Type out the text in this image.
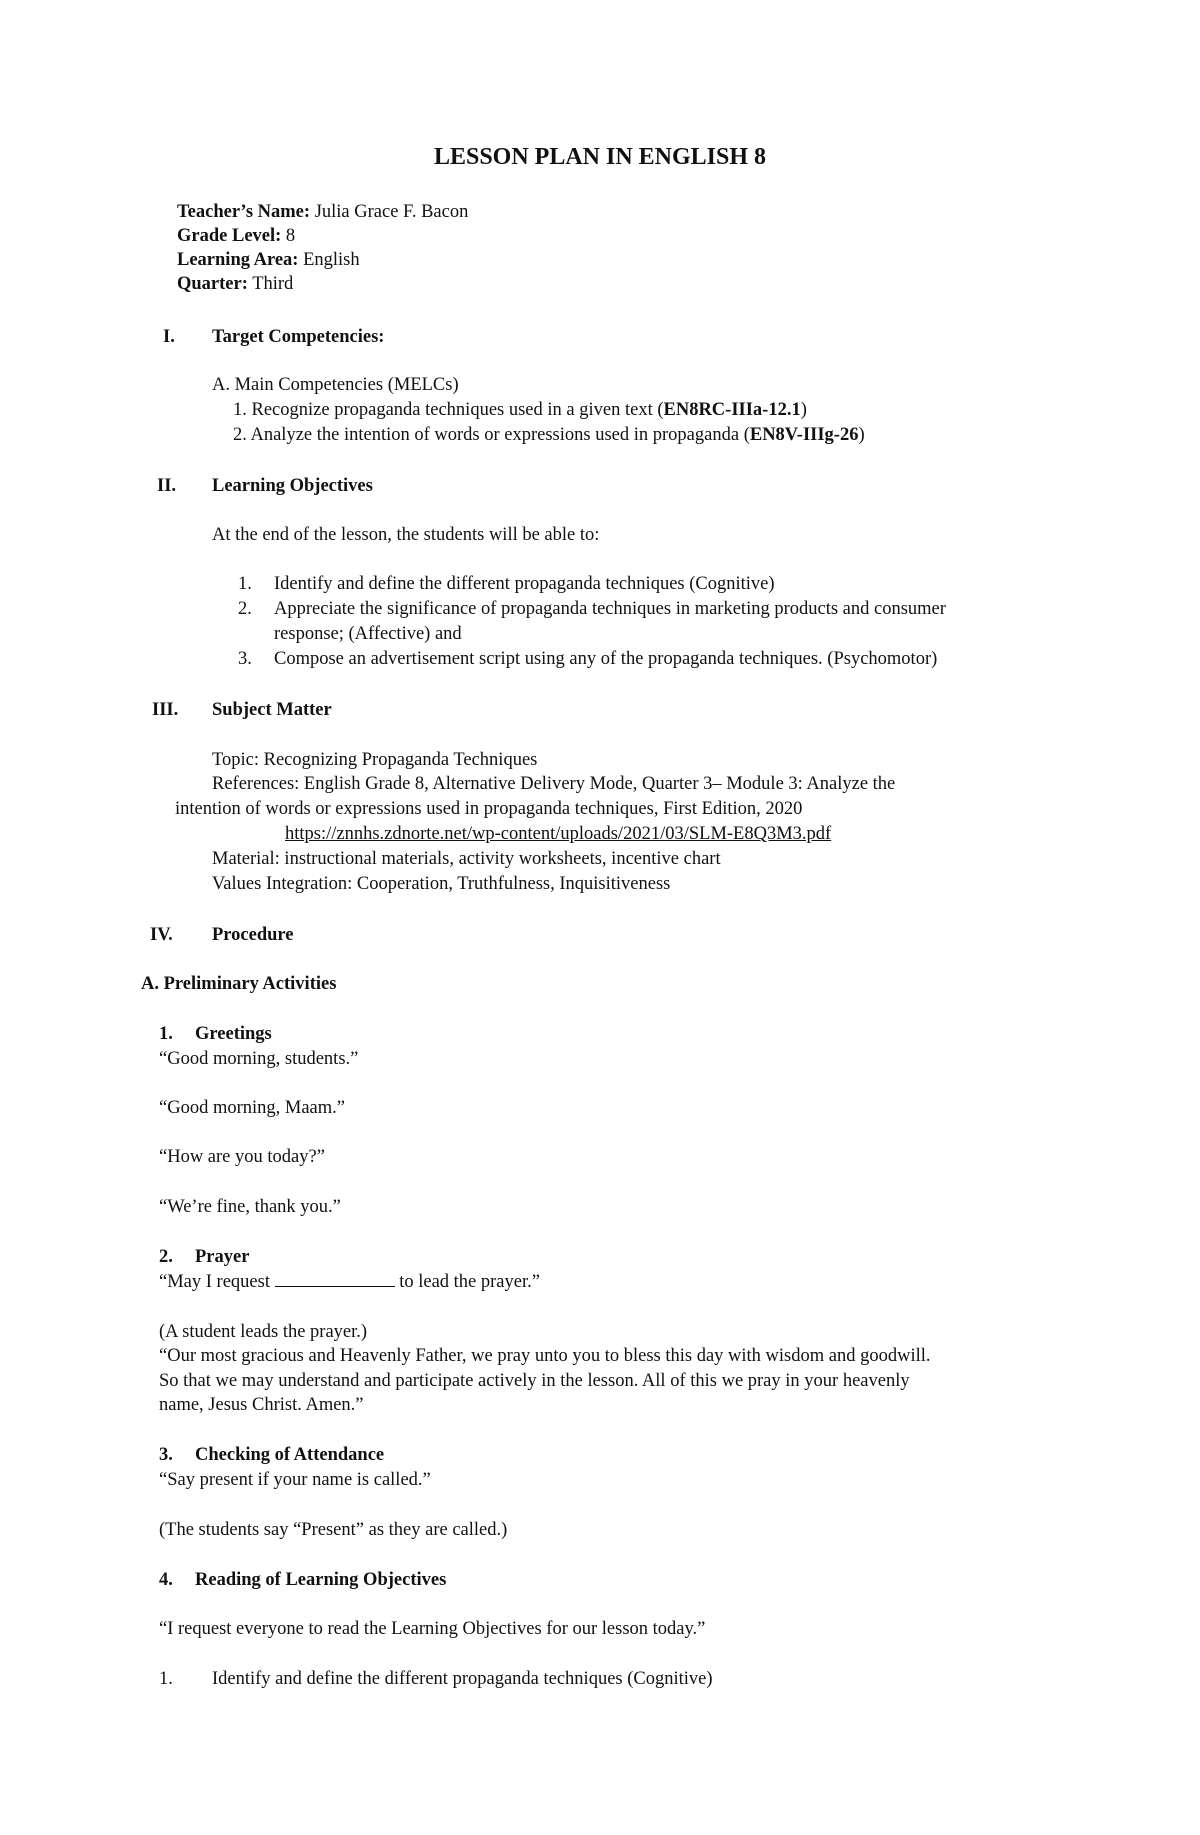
LESSON PLAN IN ENGLISH 8
Teacher’s Name: Julia Grace F. Bacon
Grade Level: 8
Learning Area: English
Quarter: Third
I. Target Competencies:
A. Main Competencies (MELCs)
1. Recognize propaganda techniques used in a given text (EN8RC-IIIa-12.1)
2. Analyze the intention of words or expressions used in propaganda (EN8V-IIIg-26)
II. Learning Objectives
At the end of the lesson, the students will be able to:
1. Identify and define the different propaganda techniques (Cognitive)
2. Appreciate the significance of propaganda techniques in marketing products and consumer
response; (Affective) and
3. Compose an advertisement script using any of the propaganda techniques. (Psychomotor)
III. Subject Matter
Topic: Recognizing Propaganda Techniques
References: English Grade 8, Alternative Delivery Mode, Quarter 3– Module 3: Analyze the
intention of words or expressions used in propaganda techniques, First Edition, 2020
https://znnhs.zdnorte.net/wp-content/uploads/2021/03/SLM-E8Q3M3.pdf
Material: instructional materials, activity worksheets, incentive chart
Values Integration: Cooperation, Truthfulness, Inquisitiveness
IV. Procedure
A. Preliminary Activities
1. Greetings
“Good morning, students.”
“Good morning, Maam.”
“How are you today?”
“We’re fine, thank you.”
2. Prayer
“May I request	to lead the prayer.”
(A student leads the prayer.)
“Our most gracious and Heavenly Father, we pray unto you to bless this day with wisdom and goodwill.
So that we may understand and participate actively in the lesson. All of this we pray in your heavenly
name, Jesus Christ. Amen.”
3. Checking of Attendance
“Say present if your name is called.”
(The students say “Present” as they are called.)
4. Reading of Learning Objectives
“I request everyone to read the Learning Objectives for our lesson today.”
1. Identify and define the different propaganda techniques (Cognitive)
